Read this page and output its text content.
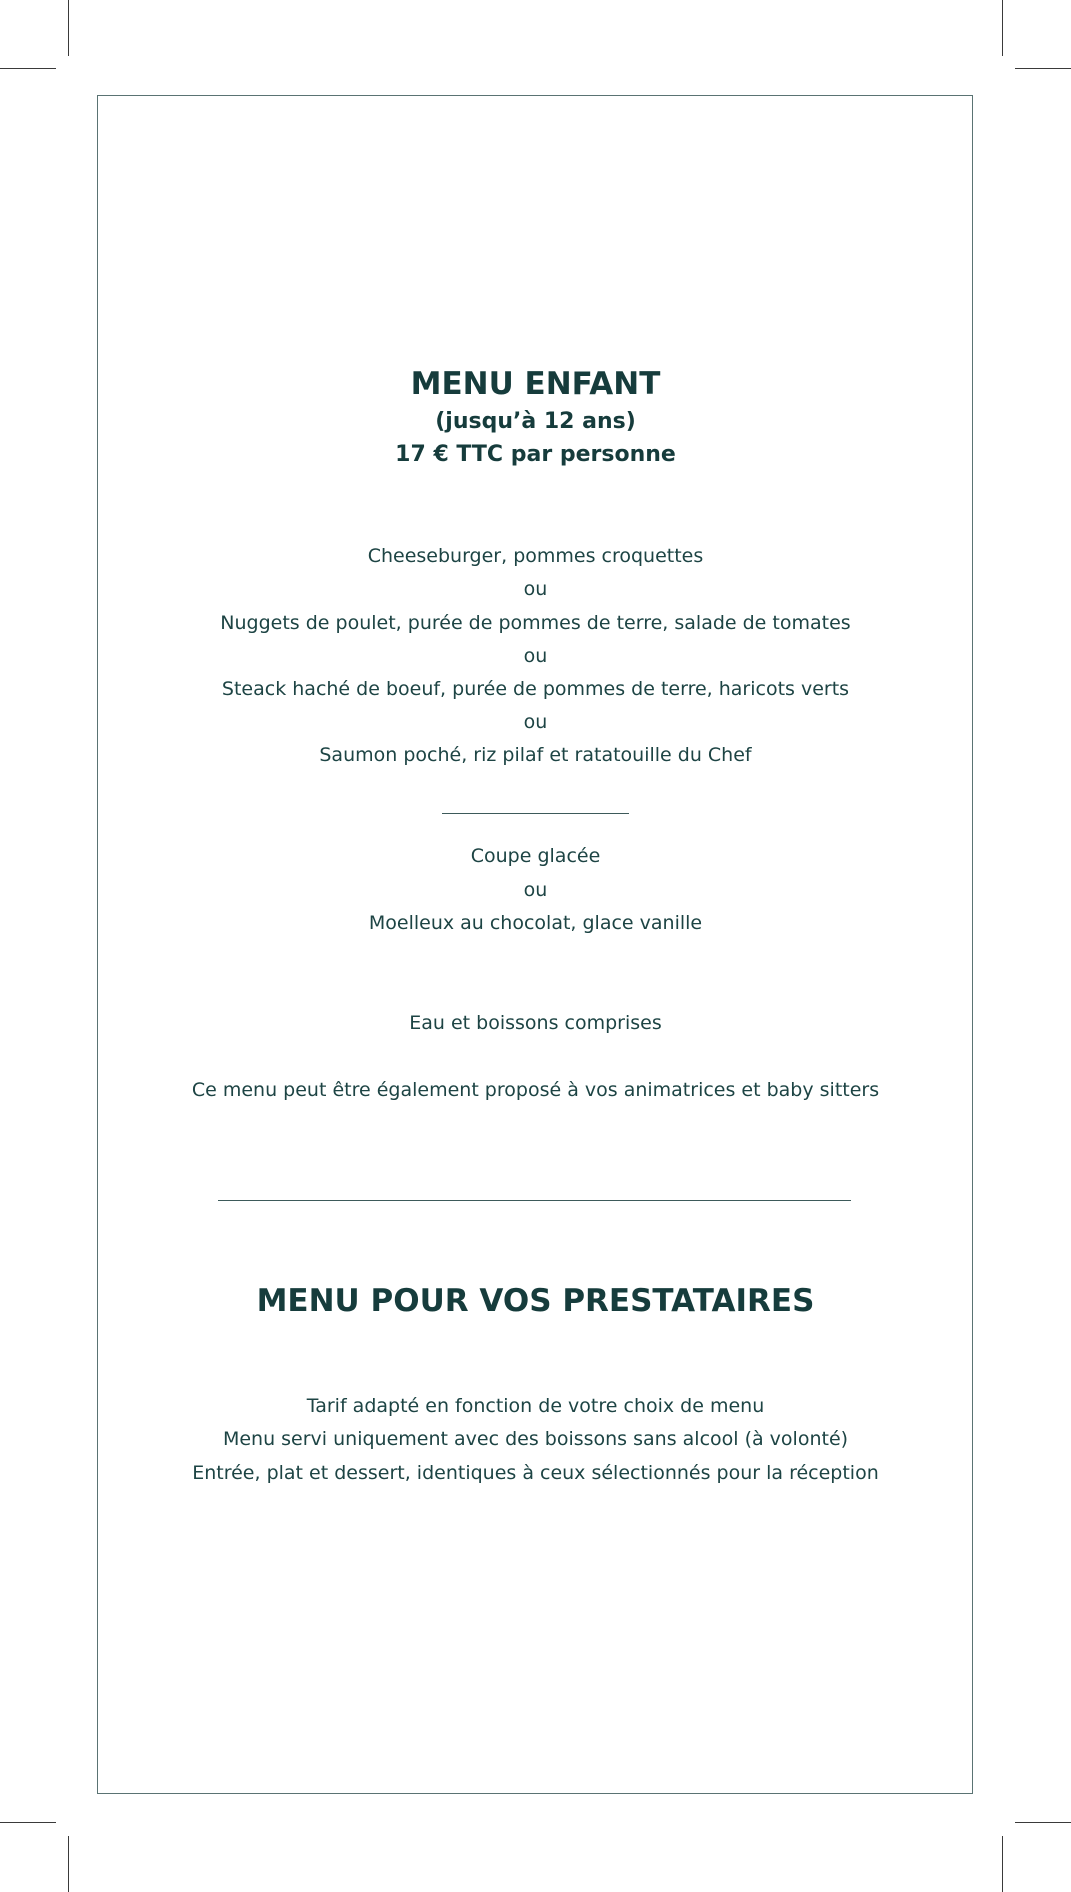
MENU ENFANT
(jusqu’à 12 ans)
17 € TTC par personne
Cheeseburger, pommes croquettes
ou
Nuggets de poulet, purée de pommes de terre, salade de tomates
ou
Steack haché de boeuf, purée de pommes de terre, haricots verts
ou
Saumon poché, riz pilaf et ratatouille du Chef
Coupe glacée
ou
Moelleux au chocolat, glace vanille
Eau et boissons comprises
Ce menu peut être également proposé à vos animatrices et baby sitters
MENU POUR VOS PRESTATAIRES
Tarif adapté en fonction de votre choix de menu
Menu servi uniquement avec des boissons sans alcool (à volonté)
Entrée, plat et dessert, identiques à ceux sélectionnés pour la réception
